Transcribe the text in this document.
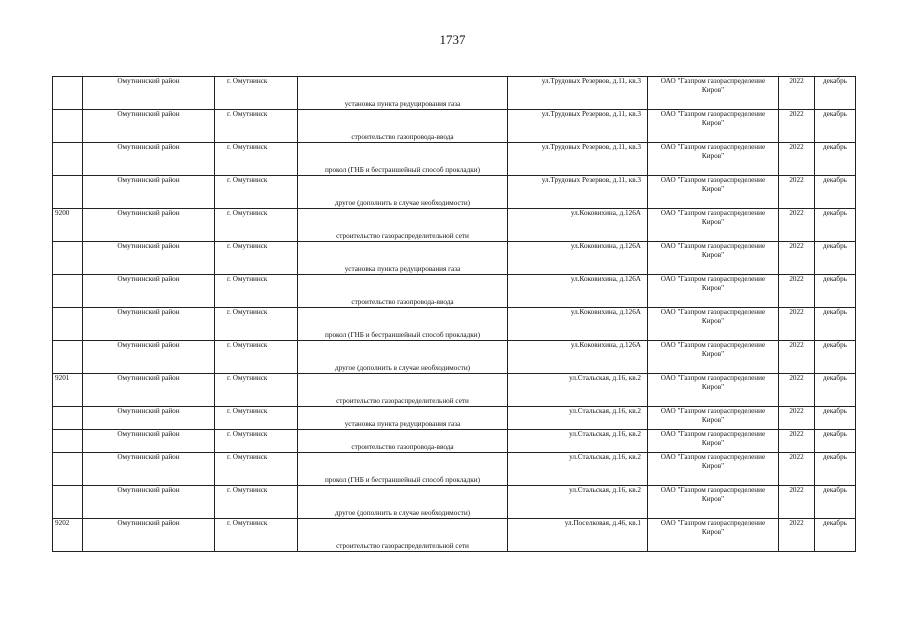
1737
	Омутнинский район	г. Омутнинск	установка пункта редуцирования газа	ул.Трудовых Резервов, д.11, кв.3	ОАО "Газпром газораспределение Киров"	2022	декабрь
	Омутнинский район	г. Омутнинск	строительство газопровода-ввода	ул.Трудовых Резервов, д.11, кв.3	ОАО "Газпром газораспределение Киров"	2022	декабрь
	Омутнинский район	г. Омутнинск	прокол (ГНБ и бестраншейный способ прокладки)	ул.Трудовых Резервов, д.11, кв.3	ОАО "Газпром газораспределение Киров"	2022	декабрь
	Омутнинский район	г. Омутнинск	другое (дополнить в случае необходимости)	ул.Трудовых Резервов, д.11, кв.3	ОАО "Газпром газораспределение Киров"	2022	декабрь
9200	Омутнинский район	г. Омутнинск	строительство газораспределительной сети	ул.Коковихина, д.126А	ОАО "Газпром газораспределение Киров"	2022	декабрь
	Омутнинский район	г. Омутнинск	установка пункта редуцирования газа	ул.Коковихина, д.126А	ОАО "Газпром газораспределение Киров"	2022	декабрь
	Омутнинский район	г. Омутнинск	строительство газопровода-ввода	ул.Коковихина, д.126А	ОАО "Газпром газораспределение Киров"	2022	декабрь
	Омутнинский район	г. Омутнинск	прокол (ГНБ и бестраншейный способ прокладки)	ул.Коковихина, д.126А	ОАО "Газпром газораспределение Киров"	2022	декабрь
	Омутнинский район	г. Омутнинск	другое (дополнить в случае необходимости)	ул.Коковихина, д.126А	ОАО "Газпром газораспределение Киров"	2022	декабрь
9201	Омутнинский район	г. Омутнинск	строительство газораспределительной сети	ул.Стальская, д.16, кв.2	ОАО "Газпром газораспределение Киров"	2022	декабрь
	Омутнинский район	г. Омутнинск	установка пункта редуцирования газа	ул.Стальская, д.16, кв.2	ОАО "Газпром газораспределение Киров"	2022	декабрь
	Омутнинский район	г. Омутнинск	строительство газопровода-ввода	ул.Стальская, д.16, кв.2	ОАО "Газпром газораспределение Киров"	2022	декабрь
	Омутнинский район	г. Омутнинск	прокол (ГНБ и бестраншейный способ прокладки)	ул.Стальская, д.16, кв.2	ОАО "Газпром газораспределение Киров"	2022	декабрь
	Омутнинский район	г. Омутнинск	другое (дополнить в случае необходимости)	ул.Стальская, д.16, кв.2	ОАО "Газпром газораспределение Киров"	2022	декабрь
9202	Омутнинский район	г. Омутнинск	строительство газораспределительной сети	ул.Поселковая, д.46, кв.1	ОАО "Газпром газораспределение Киров"	2022	декабрь
